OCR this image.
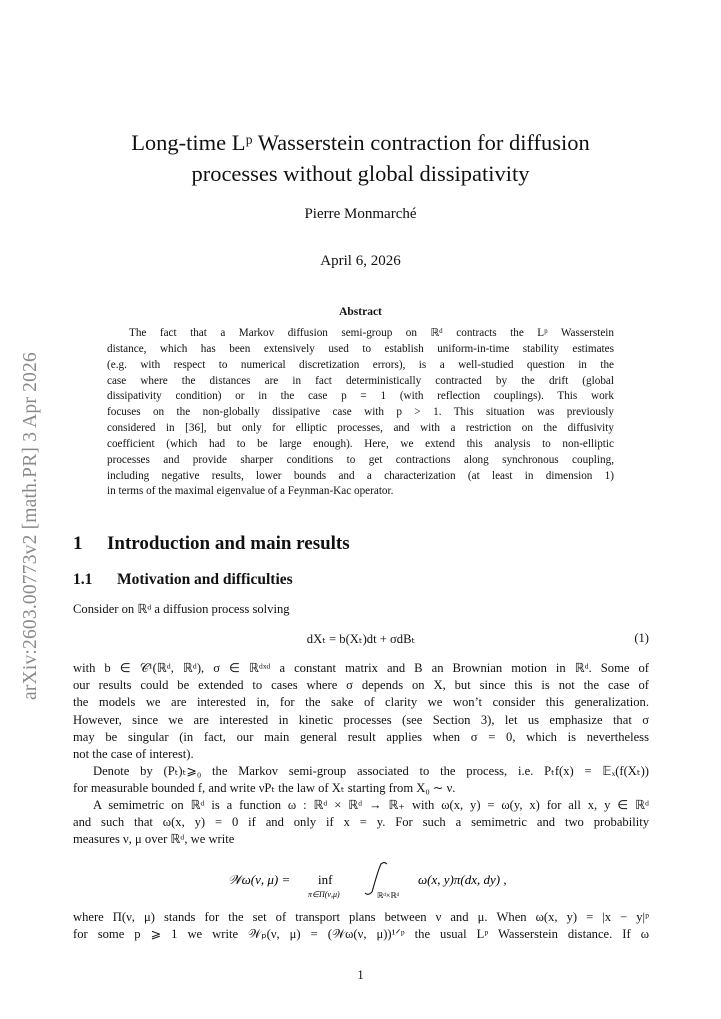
arXiv:2603.00773v2 [math.PR] 3 Apr 2026
Long-time Lᵖ Wasserstein contraction for diffusion
processes without global dissipativity
Pierre Monmarché
April 6, 2026
Abstract
The fact that a Markov diffusion semi-group on ℝᵈ contracts the Lᵖ Wasserstein
distance, which has been extensively used to establish uniform-in-time stability estimates
(e.g. with respect to numerical discretization errors), is a well-studied question in the
case where the distances are in fact deterministically contracted by the drift (global
dissipativity condition) or in the case p = 1 (with reflection couplings). This work
focuses on the non-globally dissipative case with p > 1. This situation was previously
considered in [36], but only for elliptic processes, and with a restriction on the diffusivity
coefficient (which had to be large enough). Here, we extend this analysis to non-elliptic
processes and provide sharper conditions to get contractions along synchronous coupling,
including negative results, lower bounds and a characterization (at least in dimension 1)
in terms of the maximal eigenvalue of a Feynman-Kac operator.
1 Introduction and main results
1.1 Motivation and difficulties
Consider on ℝᵈ a diffusion process solving
dXₜ = b(Xₜ)dt + σdBₜ	(1)
with b ∈ 𝒞¹(ℝᵈ, ℝᵈ), σ ∈ ℝᵈˣᵈ a constant matrix and B an Brownian motion in ℝᵈ. Some of
our results could be extended to cases where σ depends on X, but since this is not the case of
the models we are interested in, for the sake of clarity we won’t consider this generalization.
However, since we are interested in kinetic processes (see Section 3), let us emphasize that σ
may be singular (in fact, our main general result applies when σ = 0, which is nevertheless
not the case of interest).
Denote by (Pₜ)ₜ⩾₀ the Markov semi-group associated to the process, i.e. Pₜf(x) = 𝔼ₓ(f(Xₜ))
for measurable bounded f, and write νPₜ the law of Xₜ starting from X₀ ∼ ν.
A semimetric on ℝᵈ is a function ω : ℝᵈ × ℝᵈ → ℝ₊ with ω(x, y) = ω(y, x) for all x, y ∈ ℝᵈ
and such that ω(x, y) = 0 if and only if x = y. For such a semimetric and two probability
measures ν, μ over ℝᵈ, we write
𝒲ω(ν, μ) = inf
π∈Π(ν,μ)	ℝᵈ×ℝᵈ
ω(x, y)π(dx, dy) ,
where Π(ν, μ) stands for the set of transport plans between ν and μ. When ω(x, y) = |x − y|ᵖ
for some p ⩾ 1 we write 𝒲ₚ(ν, μ) = (𝒲ω(ν, μ))¹ᐟᵖ the usual Lᵖ Wasserstein distance. If ω
1
